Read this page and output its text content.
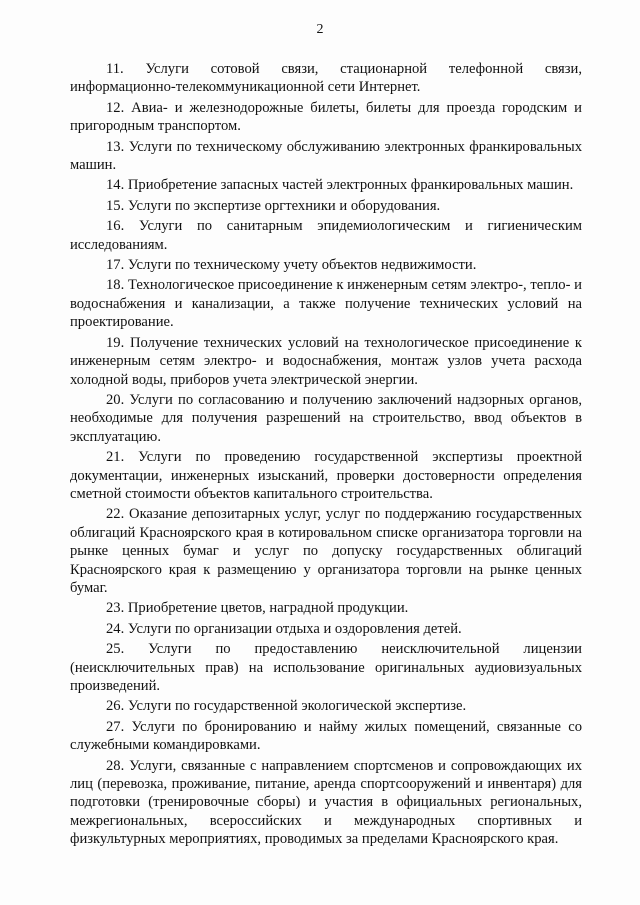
2

11. Услуги сотовой связи, стационарной телефонной связи, информационно-телекоммуникационной сети Интернет.

12. Авиа- и железнодорожные билеты, билеты для проезда городским и пригородным транспортом.

13. Услуги по техническому обслуживанию электронных франкировальных машин.

14. Приобретение запасных частей электронных франкировальных машин.

15. Услуги по экспертизе оргтехники и оборудования.

16. Услуги по санитарным эпидемиологическим и гигиеническим исследованиям.

17. Услуги по техническому учету объектов недвижимости.

18. Технологическое присоединение к инженерным сетям электро-, тепло- и водоснабжения и канализации, а также получение технических условий на проектирование.

19. Получение технических условий на технологическое присоединение к инженерным сетям электро- и водоснабжения, монтаж узлов учета расхода холодной воды, приборов учета электрической энергии.

20. Услуги по согласованию и получению заключений надзорных органов, необходимые для получения разрешений на строительство, ввод объектов в эксплуатацию.

21. Услуги по проведению государственной экспертизы проектной документации, инженерных изысканий, проверки достоверности определения сметной стоимости объектов капитального строительства.

22. Оказание депозитарных услуг, услуг по поддержанию государственных облигаций Красноярского края в котировальном списке организатора торговли на рынке ценных бумаг и услуг по допуску государственных облигаций Красноярского края к размещению у организатора торговли на рынке ценных бумаг.

23. Приобретение цветов, наградной продукции.

24. Услуги по организации отдыха и оздоровления детей.

25. Услуги по предоставлению неисключительной лицензии (неисключительных прав) на использование оригинальных аудиовизуальных произведений.

26. Услуги по государственной экологической экспертизе.

27. Услуги по бронированию и найму жилых помещений, связанные со служебными командировками.

28. Услуги, связанные с направлением спортсменов и сопровождающих их лиц (перевозка, проживание, питание, аренда спортсооружений и инвентаря) для подготовки (тренировочные сборы) и участия в официальных региональных, межрегиональных, всероссийских и международных спортивных и физкультурных мероприятиях, проводимых за пределами Красноярского края.
